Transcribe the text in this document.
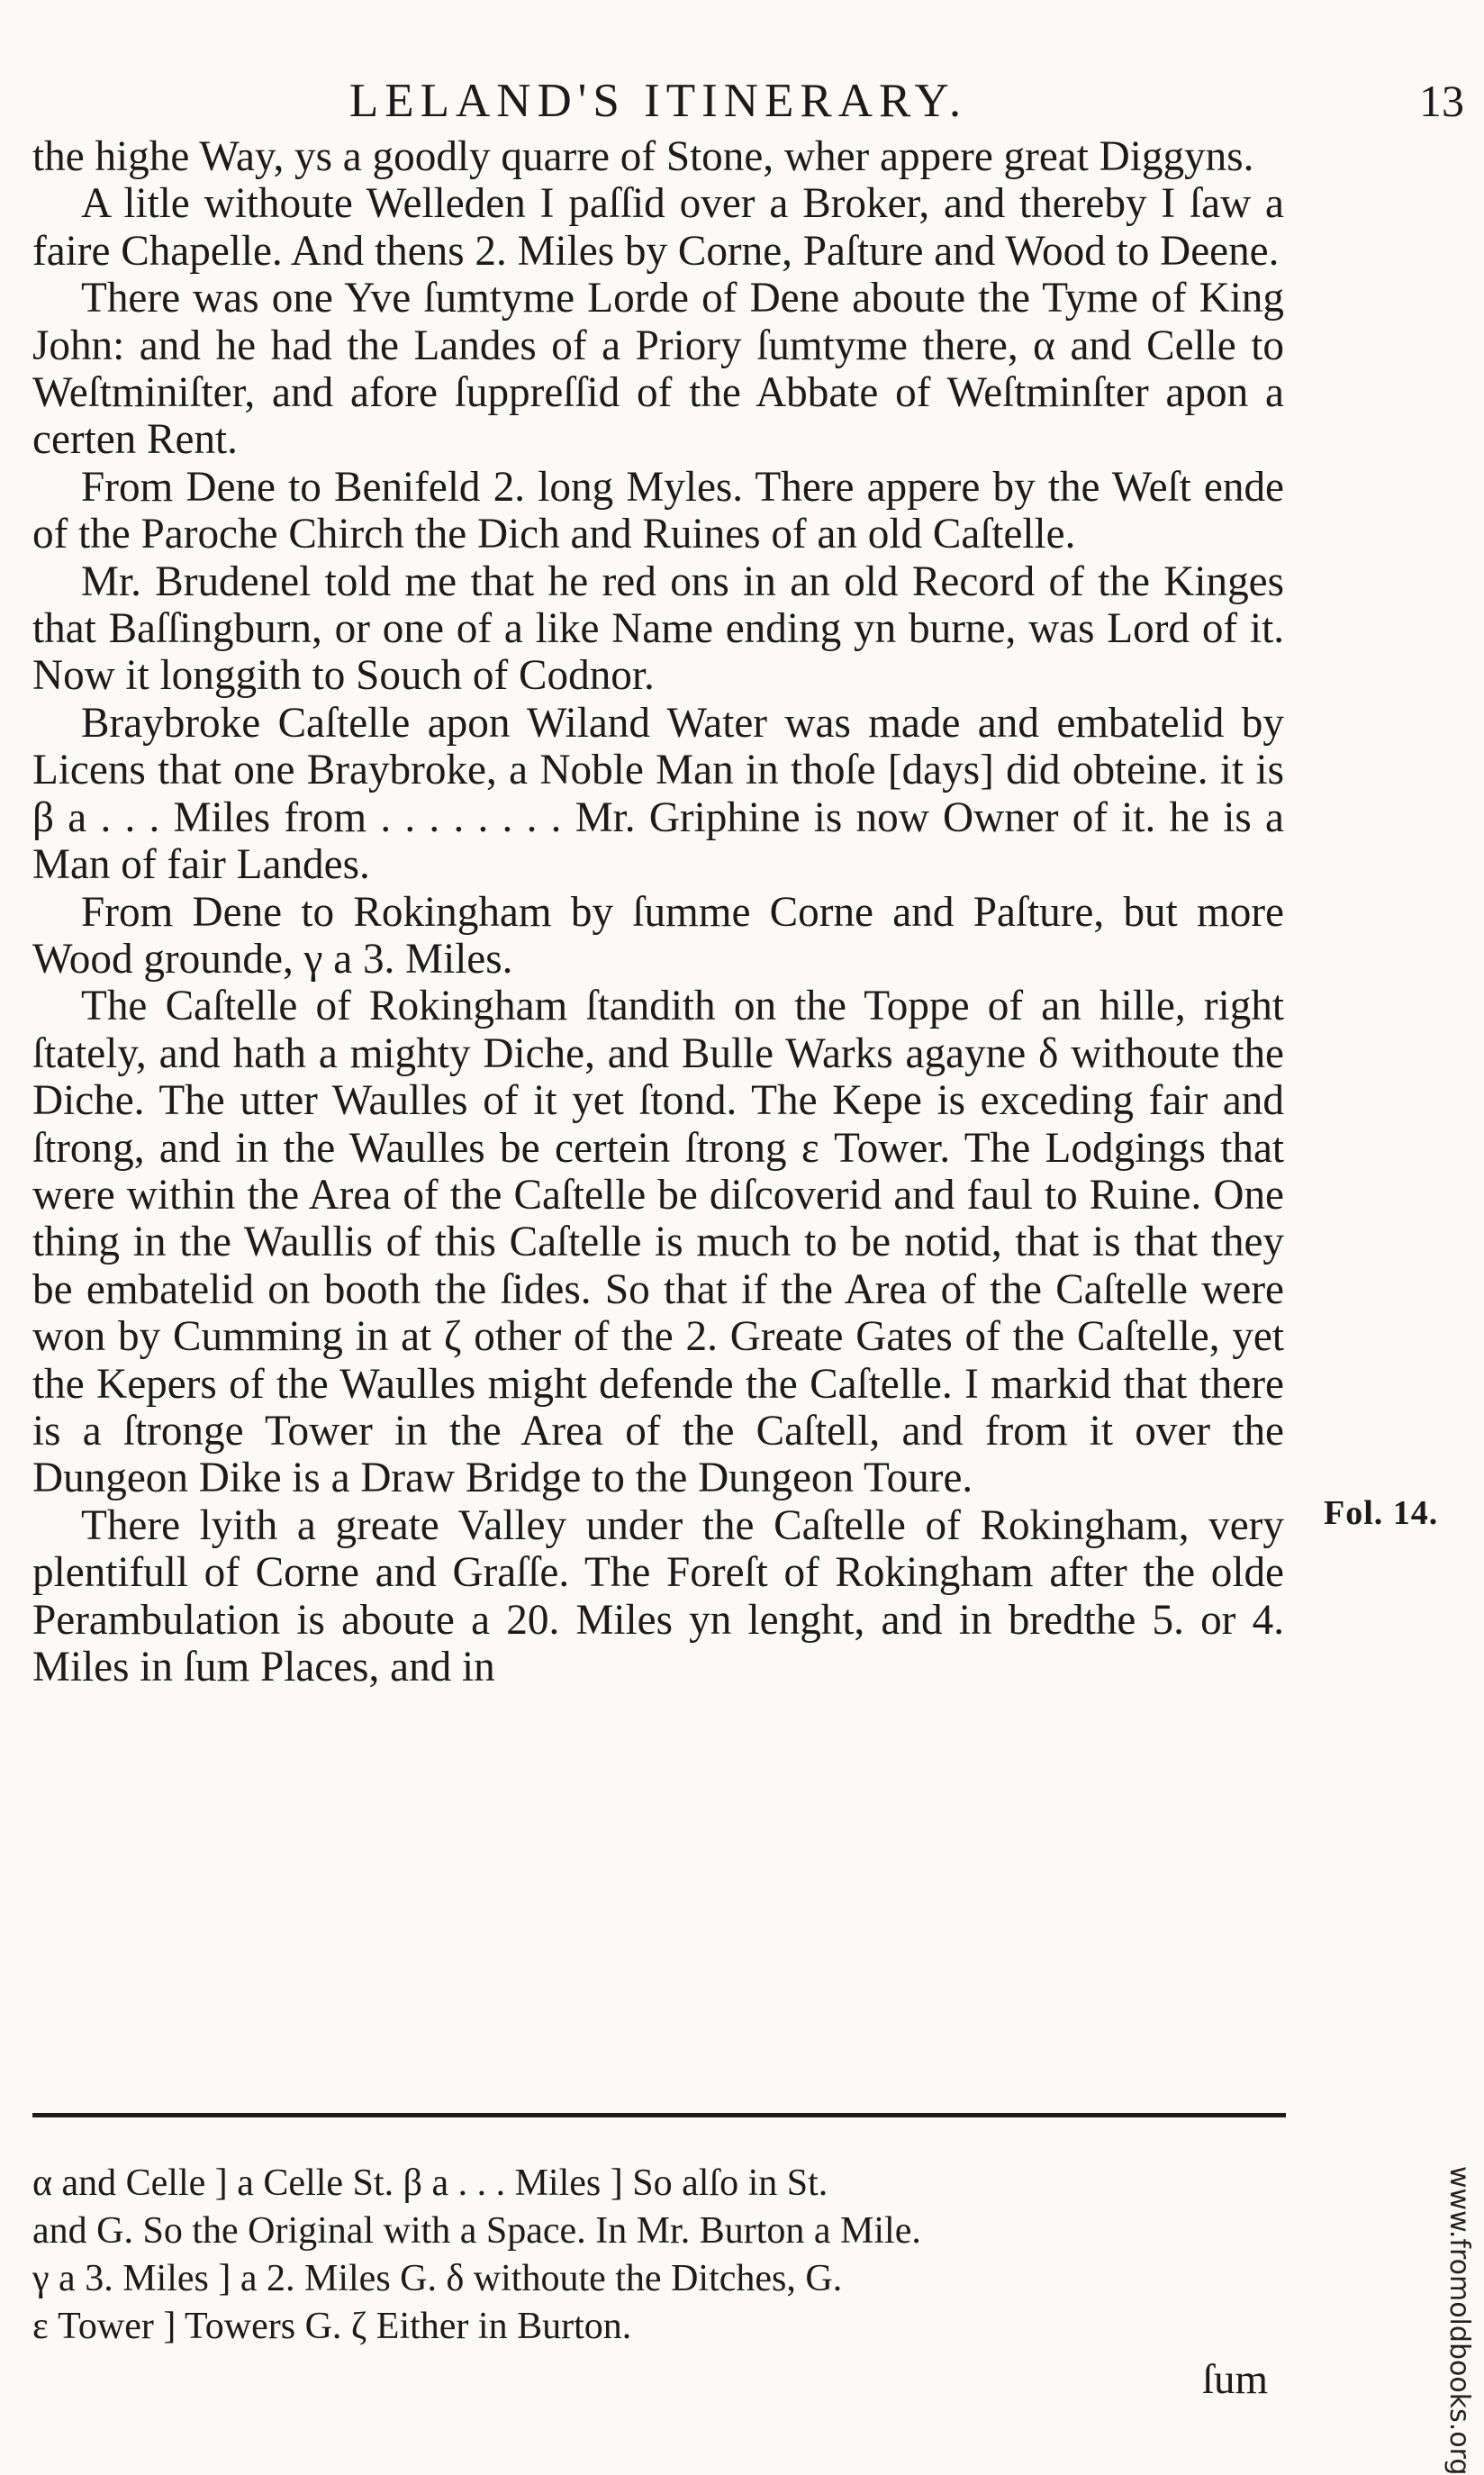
LELAND'S ITINERARY.	13

the highe Way, ys a goodly quarre of Stone, wher appere great Diggyns.

A litle withoute Welleden I paſſid over a Broker, and thereby I ſaw a faire Chapelle. And thens 2. Miles by Corne, Paſture and Wood to Deene.

There was one Yve ſumtyme Lorde of Dene aboute the Tyme of King John: and he had the Landes of a Priory ſumtyme there, α and Celle to Weſtminiſter, and afore ſuppreſſid of the Abbate of Weſtminſter apon a certen Rent.

From Dene to Benifeld 2. long Myles. There appere by the Weſt ende of the Paroche Chirch the Dich and Ruines of an old Caſtelle.

Mr. Brudenel told me that he red ons in an old Record of the Kinges that Baſſingburn, or one of a like Name ending yn burne, was Lord of it. Now it longgith to Souch of Codnor.

Braybroke Caſtelle apon Wiland Water was made and embatelid by Licens that one Braybroke, a Noble Man in thoſe [days] did obteine. it is β a . . . Miles from . . . . . . . . Mr. Griphine is now Owner of it. he is a Man of fair Landes.

From Dene to Rokingham by ſumme Corne and Paſture, but more Wood grounde, γ a 3. Miles.

The Caſtelle of Rokingham ſtandith on the Toppe of an hille, right ſtately, and hath a mighty Diche, and Bulle Warks agayne δ withoute the Diche. The utter Waulles of it yet ſtond. The Kepe is exceding fair and ſtrong, and in the Waulles be certein ſtrong ε Tower. The Lodgings that were within the Area of the Caſtelle be diſcoverid and faul to Ruine. One thing in the Waullis of this Caſtelle is much to be notid, that is that they be embatelid on booth the ſides. So that if the Area of the Caſtelle were won by Cumming in at ζ other of the 2. Greate Gates of the Caſtelle, yet the Kepers of the Waulles might defende the Caſtelle. I markid that there is a ſtronge Tower in the Area of the Caſtell, and from it over the Dungeon Dike is a Draw Bridge to the Dungeon Toure.

There lyith a greate Valley under the Caſtelle of Rokingham, very plentifull of Corne and Graſſe. The Foreſt of Rokingham after the olde Perambulation is aboute a 20. Miles yn lenght, and in bredthe 5. or 4. Miles in ſum Places, and in

Fol. 14.

α and Celle ] a Celle St. β a . . . Miles ] So alſo in St.

and G. So the Original with a Space. In Mr. Burton a Mile.

γ a 3. Miles ] a 2. Miles G. δ withoute the Ditches, G.

ε Tower ] Towers G. ζ Either in Burton.

ſum	www.fromoldbooks.org
